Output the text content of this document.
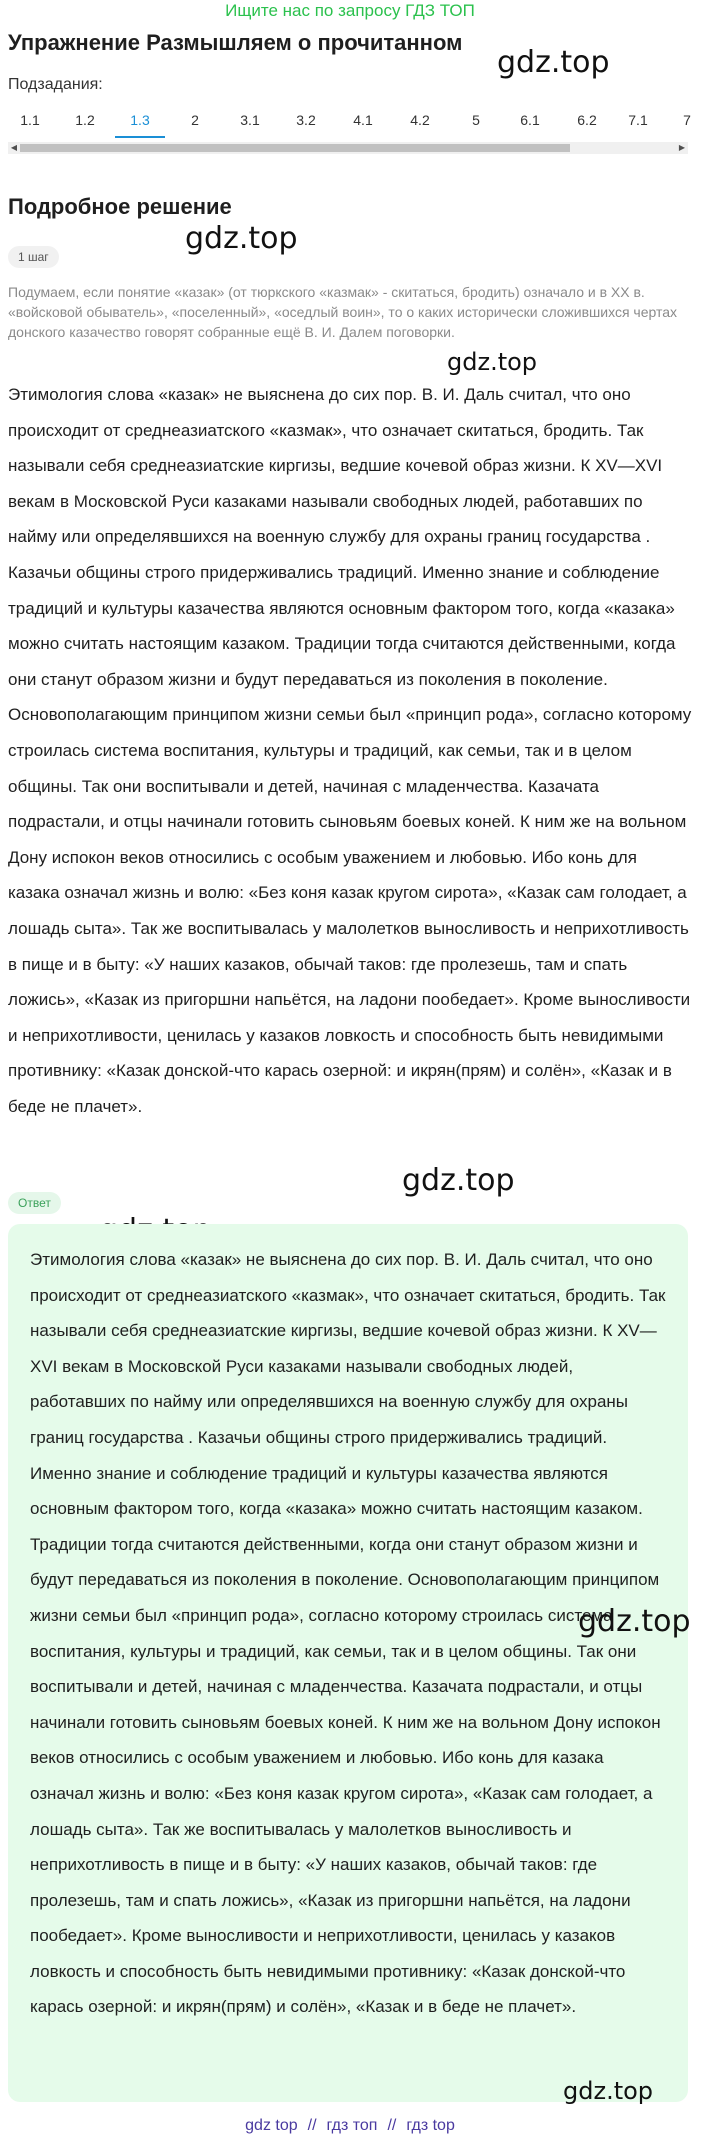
Ищите нас по запросу ГДЗ ТОП
Упражнение Размышляем о прочитанном
gdz.top
Подзадания:
1.1	1.2	1.3	2	3.1	3.2	4.1	4.2	5	6.1	6.2	7.1	7
◀	▶
Подробное решение
gdz.top
1 шаг

Подумаем, если понятие «казак» (от тюркского «казмак» - скитаться, бродить) означало и в XX в. «войсковой обыватель», «поселенный», «оседлый воин», то о каких исторически сложившихся чертах донского казачество говорят собранные ещё В. И. Далем поговорки.

gdz.top

Этимология слова «казак» не выяснена до сих пор. В. И. Даль считал, что оно происходит от среднеазиатского «казмак», что означает скитаться, бродить. Так называли себя среднеазиатские киргизы, ведшие кочевой образ жизни. К XV—XVI векам в Московской Руси казаками называли свободных людей, работавших по найму или определявшихся на военную службу для охраны границ государства . Казачьи общины строго придерживались традиций. Именно знание и соблюдение традиций и культуры казачества являются основным фактором того, когда «казака» можно считать настоящим казаком. Традиции тогда считаются действенными, когда они станут образом жизни и будут передаваться из поколения в поколение. Основополагающим принципом жизни семьи был «принцип рода», согласно которому строилась система воспитания, культуры и традиций, как семьи, так и в целом общины. Так они воспитывали и детей, начиная с младенчества. Казачата подрастали, и отцы начинали готовить сыновьям боевых коней. К ним же на вольном Дону испокон веков относились с особым уважением и любовью. Ибо конь для казака означал жизнь и волю: «Без коня казак кругом сирота», «Казак сам голодает, а лошадь сыта». Так же воспитывалась у малолетков выносливость и неприхотливость в пище и в быту: «У наших казаков, обычай таков: где пролезешь, там и спать ложись», «Казак из пригоршни напьётся, на ладони пообедает». Кроме выносливости и неприхотливости, ценилась у казаков ловкость и способность быть невидимыми противнику: «Казак донской-что карась озерной: и икрян(прям) и солён», «Казак и в беде не плачет».

gdz.top
Ответ

Этимология слова «казак» не выяснена до сих пор. В. И. Даль считал, что оно происходит от среднеазиатского «казмак», что означает скитаться, бродить. Так называли себя среднеазиатские киргизы, ведшие кочевой образ жизни. К XV—XVI векам в Московской Руси казаками называли свободных людей, работавших по найму или определявшихся на военную службу для охраны границ государства . Казачьи общины строго придерживались традиций. Именно знание и соблюдение традиций и культуры казачества являются основным фактором того, когда «казака» можно считать настоящим казаком. Традиции тогда считаются действенными, когда они станут образом жизни и будут передаваться из поколения в поколение. Основополагающим принципом жизни семьи был «принцип рода», согласно которому строилась система воспитания, культуры и традиций, как семьи, так и в целом общины. Так они воспитывали и детей, начиная с младенчества. Казачата подрастали, и отцы начинали готовить сыновьям боевых коней. К ним же на вольном Дону испокон веков относились с особым уважением и любовью. Ибо конь для казака означал жизнь и волю: «Без коня казак кругом сирота», «Казак сам голодает, а лошадь сыта». Так же воспитывалась у малолетков выносливость и неприхотливость в пище и в быту: «У наших казаков, обычай таков: где пролезешь, там и спать ложись», «Казак из пригоршни напьётся, на ладони пообедает». Кроме выносливости и неприхотливости, ценилась у казаков ловкость и способность быть невидимыми противнику: «Казак донской-что карась озерной: и икрян(прям) и солён», «Казак и в беде не плачет».

gdz.top
gdz.top
gdz top // гдз топ // гдз top
